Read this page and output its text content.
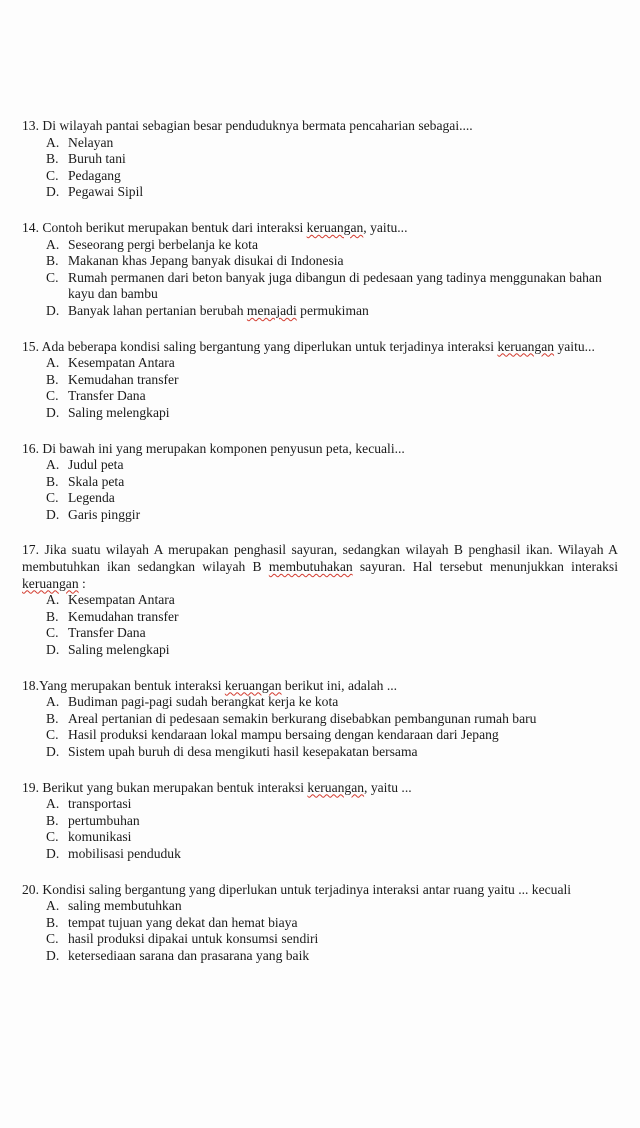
13. Di wilayah pantai sebagian besar penduduknya bermata pencaharian sebagai....

A. Nelayan
B. Buruh tani
C. Pedagang
D. Pegawai Sipil

14. Contoh berikut merupakan bentuk dari interaksi keruangan, yaitu...

A. Seseorang pergi berbelanja ke kota
B. Makanan khas Jepang banyak disukai di Indonesia
C. Rumah permanen dari beton banyak juga dibangun di pedesaan yang tadinya menggunakan bahan kayu dan bambu
D. Banyak lahan pertanian berubah menajadi permukiman

15. Ada beberapa kondisi saling bergantung yang diperlukan untuk terjadinya interaksi keruangan yaitu...

A. Kesempatan Antara
B. Kemudahan transfer
C. Transfer Dana
D. Saling melengkapi

16. Di bawah ini yang merupakan komponen penyusun peta, kecuali...

A. Judul peta
B. Skala peta
C. Legenda
D. Garis pinggir

17. Jika suatu wilayah A merupakan penghasil sayuran, sedangkan wilayah B penghasil ikan. Wilayah A membutuhkan ikan sedangkan wilayah B membutuhakan sayuran. Hal tersebut menunjukkan interaksi keruangan :

A. Kesempatan Antara
B. Kemudahan transfer
C. Transfer Dana
D. Saling melengkapi

18.Yang merupakan bentuk interaksi keruangan berikut ini, adalah ...

A. Budiman pagi-pagi sudah berangkat kerja ke kota
B. Areal pertanian di pedesaan semakin berkurang disebabkan pembangunan rumah baru
C. Hasil produksi kendaraan lokal mampu bersaing dengan kendaraan dari Jepang
D. Sistem upah buruh di desa mengikuti hasil kesepakatan bersama

19. Berikut yang bukan merupakan bentuk interaksi keruangan, yaitu ...

A. transportasi
B. pertumbuhan
C. komunikasi
D. mobilisasi penduduk

20. Kondisi saling bergantung yang diperlukan untuk terjadinya interaksi antar ruang yaitu ... kecuali

A. saling membutuhkan
B. tempat tujuan yang dekat dan hemat biaya
C. hasil produksi dipakai untuk konsumsi sendiri
D. ketersediaan sarana dan prasarana yang baik
